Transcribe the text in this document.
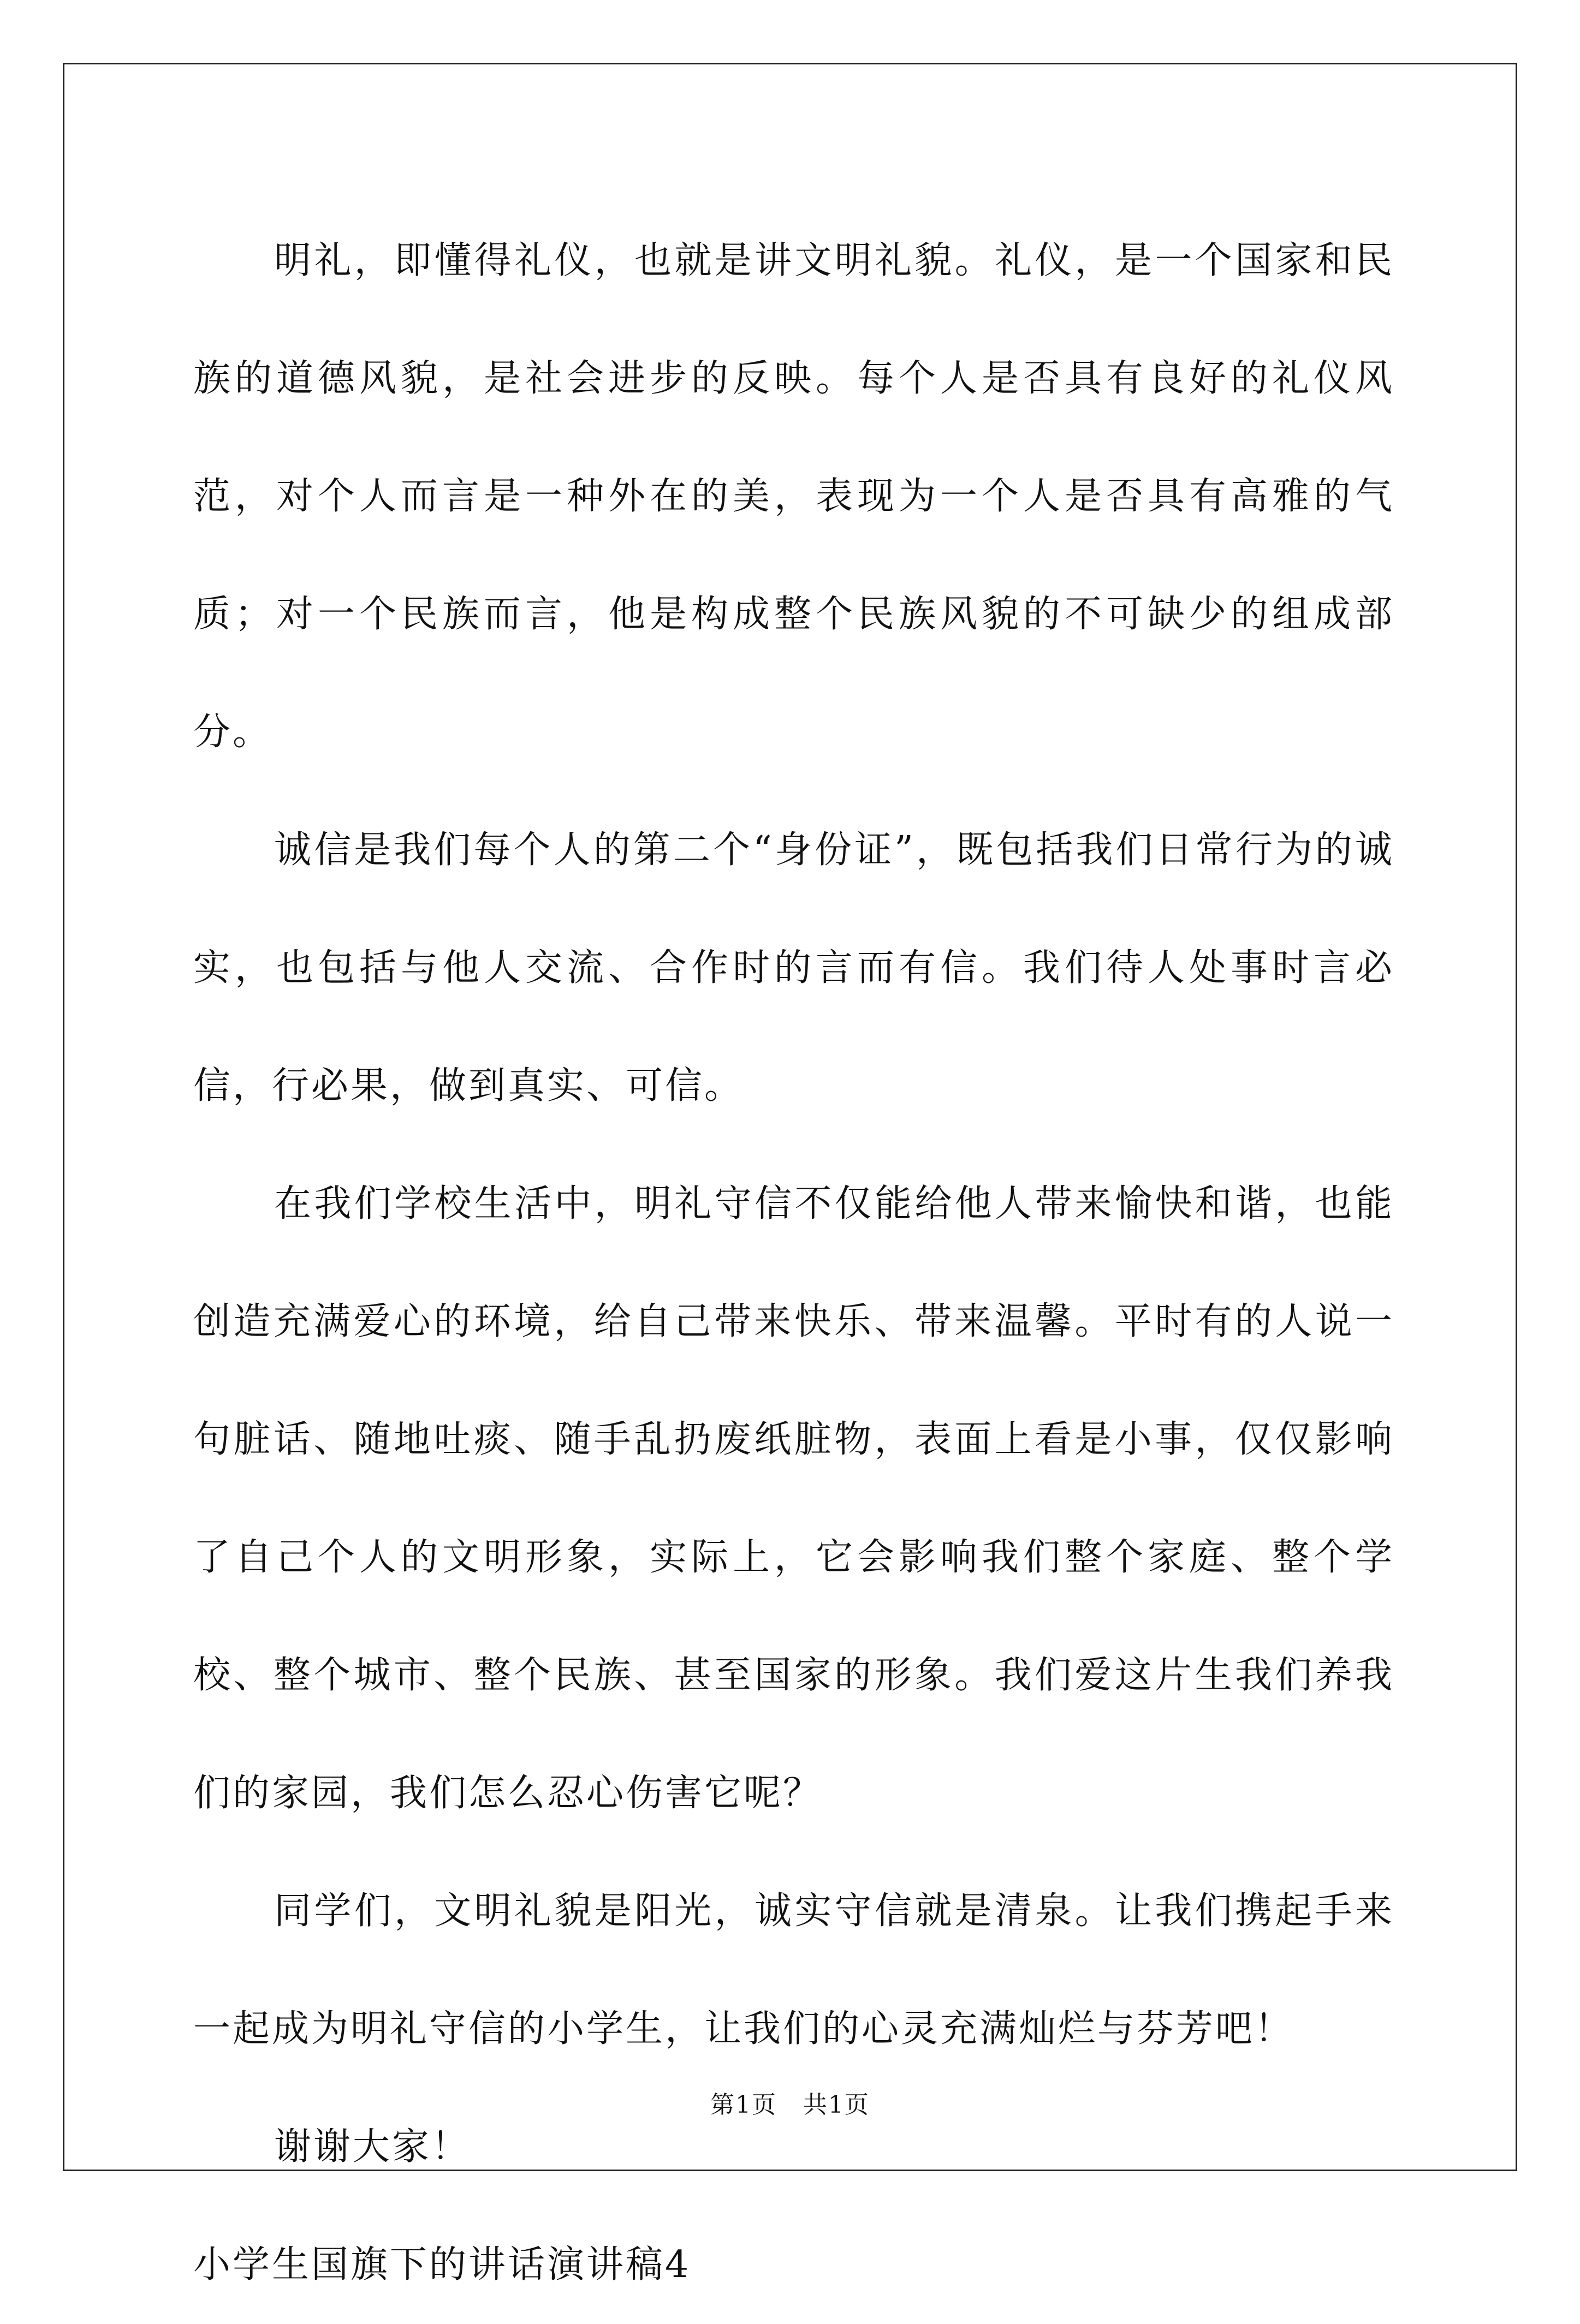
明礼，即懂得礼仪，也就是讲文明礼貌。礼仪，是一个国家和民族的道德风貌，是社会进步的反映。每个人是否具有良好的礼仪风范，对个人而言是一种外在的美，表现为一个人是否具有高雅的气质；对一个民族而言，他是构成整个民族风貌的不可缺少的组成部分。

诚信是我们每个人的第二个“身份证”，既包括我们日常行为的诚实，也包括与他人交流、合作时的言而有信。我们待人处事时言必信，行必果，做到真实、可信。

在我们学校生活中，明礼守信不仅能给他人带来愉快和谐，也能创造充满爱心的环境，给自己带来快乐、带来温馨。平时有的人说一句脏话、随地吐痰、随手乱扔废纸脏物，表面上看是小事，仅仅影响了自己个人的文明形象，实际上，它会影响我们整个家庭、整个学校、整个城市、整个民族、甚至国家的形象。我们爱这片生我们养我们的家园，我们怎么忍心伤害它呢？

同学们，文明礼貌是阳光，诚实守信就是清泉。让我们携起手来一起成为明礼守信的小学生，让我们的心灵充满灿烂与芬芳吧！

谢谢大家！

小学生国旗下的讲话演讲稿4

第1页 共1页
